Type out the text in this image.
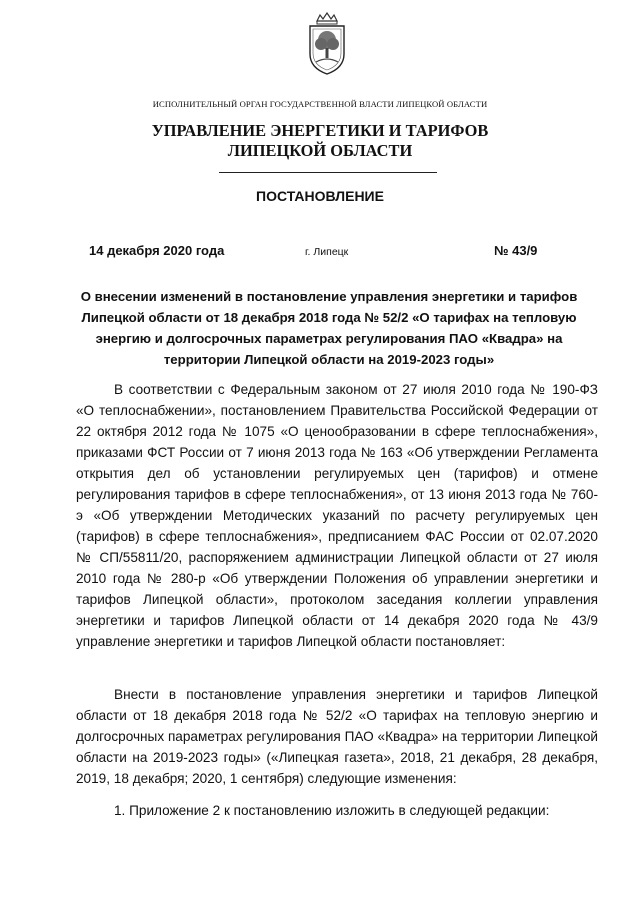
ИСПОЛНИТЕЛЬНЫЙ ОРГАН ГОСУДАРСТВЕННОЙ ВЛАСТИ ЛИПЕЦКОЙ ОБЛАСТИ
УПРАВЛЕНИЕ ЭНЕРГЕТИКИ И ТАРИФОВ
ЛИПЕЦКОЙ ОБЛАСТИ
ПОСТАНОВЛЕНИЕ
14 декабря 2020 года	г. Липецк	№ 43/9
О внесении изменений в постановление управления энергетики и тарифов Липецкой области от 18 декабря 2018 года № 52/2 «О тарифах на тепловую энергию и долгосрочных параметрах регулирования ПАО «Квадра» на территории Липецкой области на 2019-2023 годы»

В соответствии с Федеральным законом от 27 июля 2010 года № 190-ФЗ «О теплоснабжении», постановлением Правительства Российской Федерации от 22 октября 2012 года № 1075 «О ценообразовании в сфере теплоснабжения», приказами ФСТ России от 7 июня 2013 года № 163 «Об утверждении Регламента открытия дел об установлении регулируемых цен (тарифов) и отмене регулирования тарифов в сфере теплоснабжения», от 13 июня 2013 года № 760-э «Об утверждении Методических указаний по расчету регулируемых цен (тарифов) в сфере теплоснабжения», предписанием ФАС России от 02.07.2020 № СП/55811/20, распоряжением администрации Липецкой области от 27 июля 2010 года № 280-р «Об утверждении Положения об управлении энергетики и тарифов Липецкой области», протоколом заседания коллегии управления энергетики и тарифов Липецкой области от 14 декабря 2020 года № 43/9 управление энергетики и тарифов Липецкой области постановляет:

Внести в постановление управления энергетики и тарифов Липецкой области от 18 декабря 2018 года № 52/2 «О тарифах на тепловую энергию и долгосрочных параметрах регулирования ПАО «Квадра» на территории Липецкой области на 2019-2023 годы» («Липецкая газета», 2018, 21 декабря, 28 декабря, 2019, 18 декабря; 2020, 1 сентября) следующие изменения:

1. Приложение 2 к постановлению изложить в следующей редакции:
